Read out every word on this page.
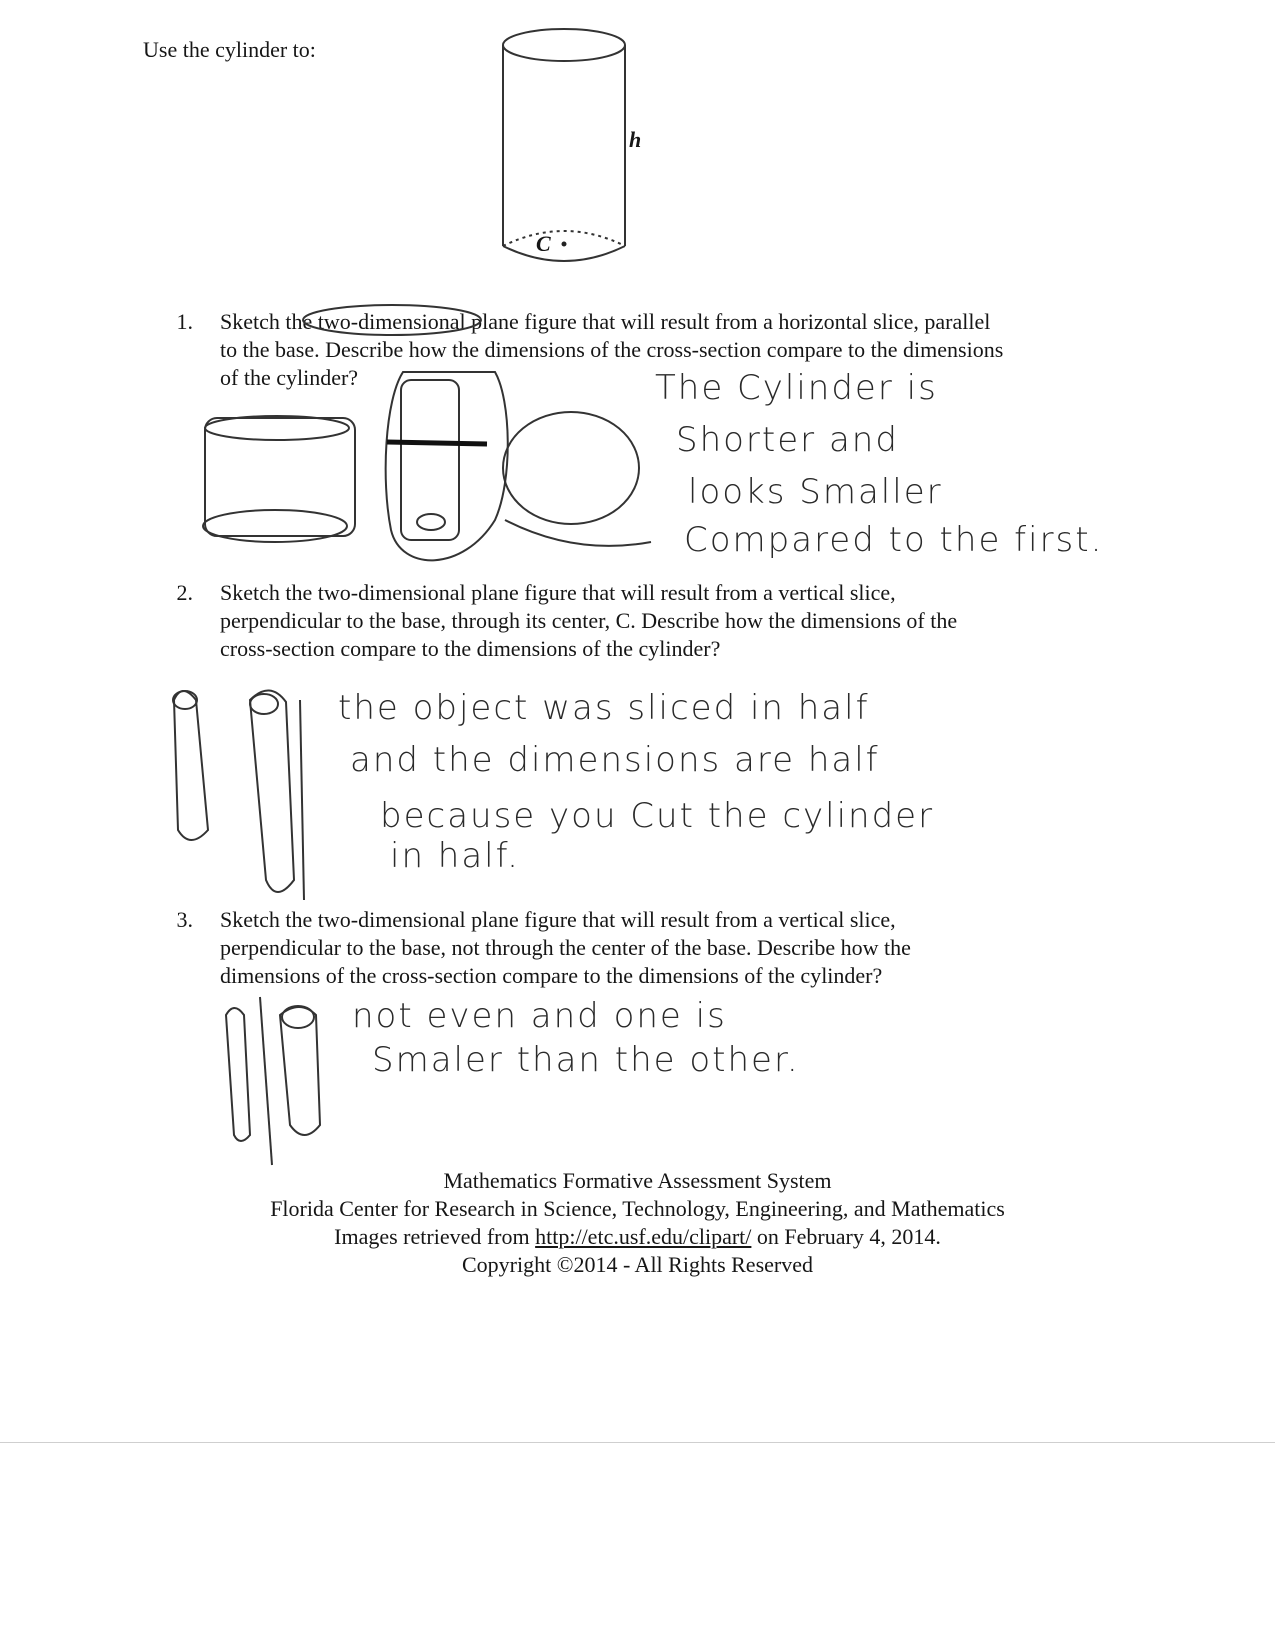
Use the cylinder to:
h
C
1. Sketch the two-dimensional plane figure that will result from a horizontal slice, parallel
to the base. Describe how the dimensions of the cross-section compare to the dimensions
of the cylinder?	The Cylinder is
Shorter and
looks Smaller
Compared to the first.
2. Sketch the two-dimensional plane figure that will result from a vertical slice,
perpendicular to the base, through its center, C. Describe how the dimensions of the
cross-section compare to the dimensions of the cylinder?
the object was sliced in half
and the dimensions are half
because you Cut the cylinder
in half.
3. Sketch the two-dimensional plane figure that will result from a vertical slice,
perpendicular to the base, not through the center of the base. Describe how the
dimensions of the cross-section compare to the dimensions of the cylinder?
not even and one is
Smaler than the other.
Mathematics Formative Assessment System
Florida Center for Research in Science, Technology, Engineering, and Mathematics
Images retrieved from http://etc.usf.edu/clipart/ on February 4, 2014.
Copyright ©2014 - All Rights Reserved
